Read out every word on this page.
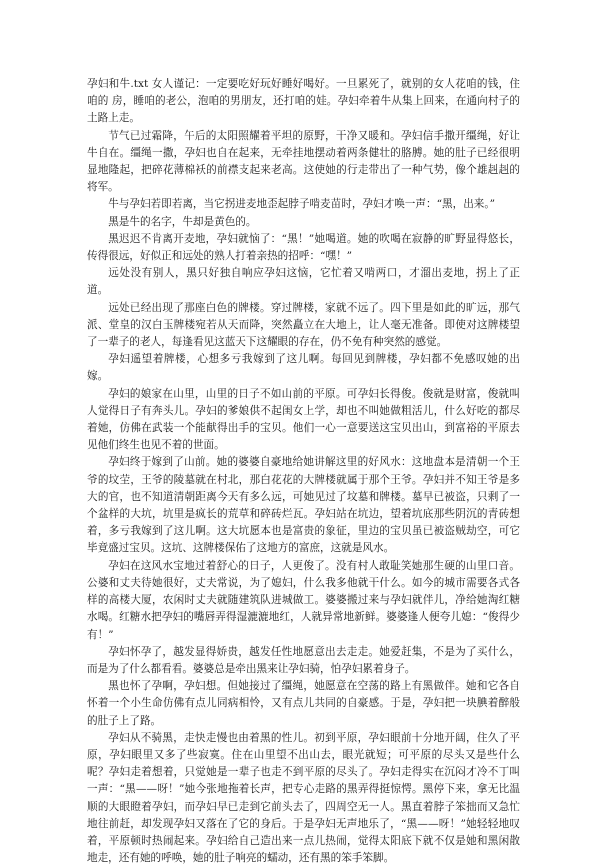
孕妇和牛.txt 女人谨记：一定要吃好玩好睡好喝好。一旦累死了，就别的女人花咱的钱，住咱的 房，睡咱的老公，泡咱的男朋友，还打咱的娃。孕妇牵着牛从集上回来，在通向村子的土路上走。

节气已过霜降，午后的太阳照耀着平坦的原野，干净又暖和。孕妇信手撒开缰绳，好让牛自在。缰绳一撒，孕妇也自在起来，无牵挂地摆动着两条健壮的胳膊。她的肚子已经很明显地隆起，把碎花薄棉袄的前襟支起来老高。这使她的行走带出了一种气势，像个雄赳赳的将军。

牛与孕妇若即若离，当它拐进麦地歪起脖子啃麦苗时，孕妇才唤一声：“黑，出来。”

黑是牛的名字，牛却是黄色的。

黑迟迟不肯离开麦地，孕妇就恼了：“黑！”她喝道。她的吹喝在寂静的旷野显得悠长，传得很远，好似正和远处的熟人打着亲热的招呼：“嘿！”

远处没有别人，黑只好独自响应孕妇这恼，它忙着又啃两口，才溜出麦地，拐上了正道。

远处已经出现了那座白色的牌楼。穿过牌楼，家就不远了。四下里是如此的旷远，那气派、堂皇的汉白玉牌楼宛若从天而降，突然矗立在大地上，让人毫无准备。即使对这牌楼望了一辈子的老人，每逢看见这蓝天下这耀眼的存在，仍不免有种突然的感觉。

孕妇遥望着牌楼，心想多亏我嫁到了这儿啊。每回见到牌楼，孕妇都不免感叹她的出嫁。

孕妇的娘家在山里，山里的日子不如山前的平原。可孕妇长得俊。俊就是财富，俊就叫人觉得日子有奔头儿。孕妇的爹娘供不起闺女上学，却也不叫她做粗活儿，什么好吃的都尽着她，仿佛在武装一个能献得出手的宝贝。他们一心一意要送这宝贝出山，到富裕的平原去见他们终生也见不着的世面。

孕妇终于嫁到了山前。她的婆婆自豪地给她讲解这里的好风水：这地盘本是清朝一个王爷的坟茔，王爷的陵墓就在村北，那白花花的大牌楼就属于那个王爷。孕妇并不知王爷是多大的官，也不知道清朝距离今天有多么远，可她见过了坟墓和牌楼。墓早已被盗，只剩了一个盆样的大坑，坑里是疯长的荒草和碎砖烂瓦。孕妇站在坑边，望着坑底那些阴沉的青砖想着，多亏我嫁到了这儿啊。这大坑愿本也是富贵的象征，里边的宝贝虽已被盗贼劫空，可它毕竟盛过宝贝。这坑、这牌楼保佑了这地方的富庶，这就是风水。

孕妇在这风水宝地过着舒心的日子，人更俊了。没有村人敢耻笑她那生硬的山里口音。公婆和丈夫待她很好，丈夫常说，为了媳妇，什么我多他就干什么。如今的城市需要各式各样的高楼大厦，农闲时丈夫就随建筑队进城做工。婆婆搬过来与孕妇就伴儿，净给她淘红糖水喝。红糖水把孕妇的嘴唇弄得湿漉漉地红，人就异常地新鲜。婆婆逢人便夸儿媳：“俊得少有！”

孕妇怀孕了，越发显得娇贵，越发任性地愿意出去走走。她爱赶集，不是为了买什么，而是为了什么都看看。婆婆总是牵出黑来让孕妇骑，怕孕妇累着身子。

黑也怀了孕啊，孕妇想。但她接过了缰绳，她愿意在空荡的路上有黑做伴。她和它各自怀着一个小生命仿佛有点儿同病相怜，又有点儿共同的自豪感。于是，孕妇把一块腆着醉般的肚子上了路。

孕妇从不骑黑，走快走慢也由着黑的性儿。初到平原，孕妇眼前十分地开阔，住久了平原，孕妇眼里又多了些寂寞。住在山里望不出山去，眼光就短；可平原的尽头又是些什么呢？孕妇走着想着，只觉她是一辈子也走不到平原的尽头了。孕妇走得实在沉闷才冷不丁叫一声：“黑——呀！”她今张地拖着长声，把专心走路的黑弄得挺惊愕。黑停下来，拿无比温顺的大眼瞪着孕妇，而孕妇早已走到它前头去了，四周空无一人。黑直着脖子笨拙而又急忙地往前赶，却发现孕妇又落在了它的身后。于是孕妇无声地乐了，“黑——呀！”她轻轻地叹着，平原顿时热闹起来。孕妇给自己造出来一点儿热闹，觉得太阳底下就不仅是她和黑闲散地走，还有她的呼唤，她的肚子响亮的蠕动，还有黑的笨手笨脚。
